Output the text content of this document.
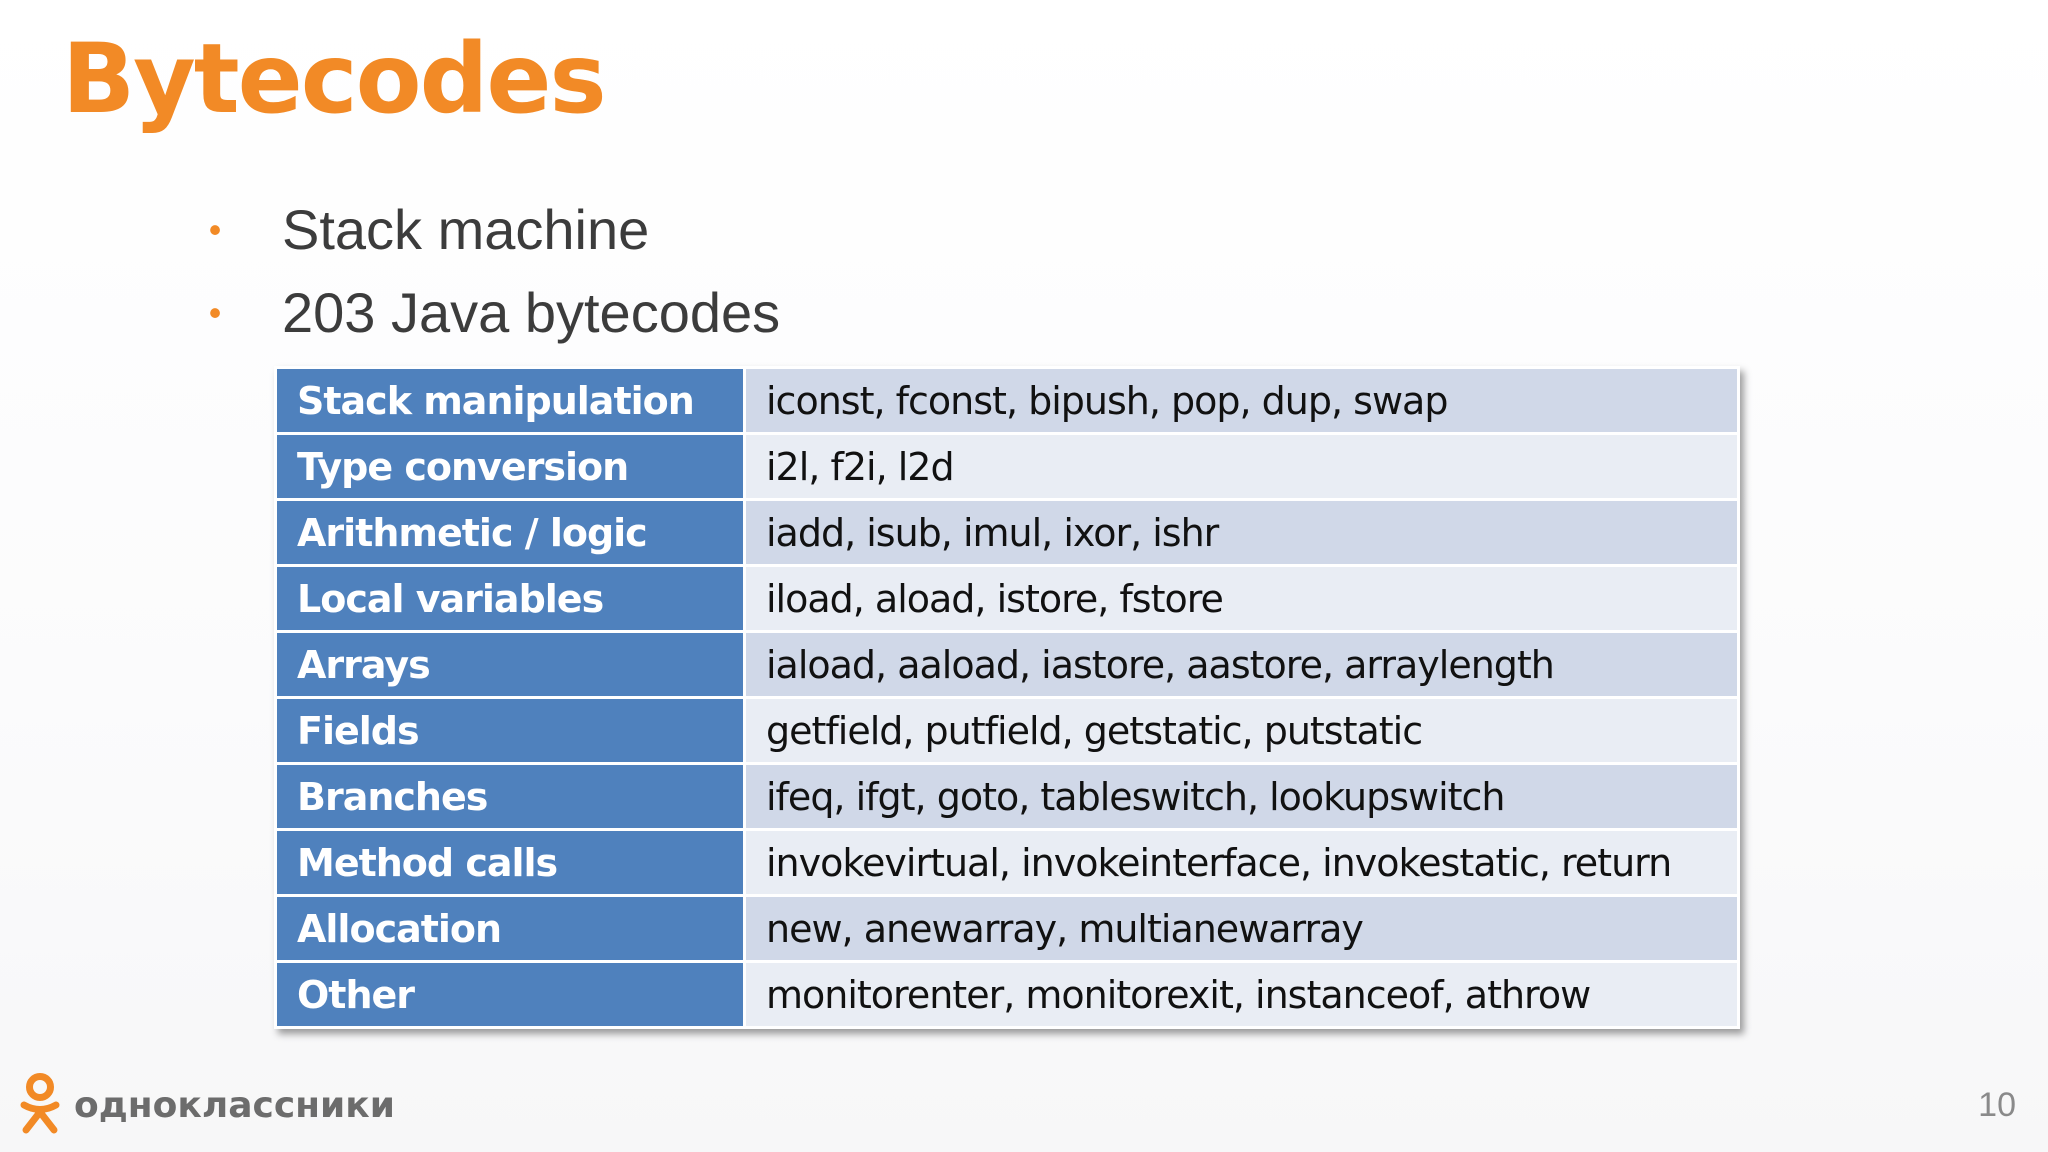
Bytecodes
• Stack machine
• 203 Java bytecodes
Stack manipulation	iconst, fconst, bipush, pop, dup, swap
Type conversion	i2l, f2i, l2d
Arithmetic / logic	iadd, isub, imul, ixor, ishr
Local variables	iload, aload, istore, fstore
Arrays	iaload, aaload, iastore, aastore, arraylength
Fields	getfield, putfield, getstatic, putstatic
Branches	ifeq, ifgt, goto, tableswitch, lookupswitch
Method calls	invokevirtual, invokeinterface, invokestatic, return
Allocation	new, anewarray, multianewarray
Other	monitorenter, monitorexit, instanceof, athrow
одноклассники	10
